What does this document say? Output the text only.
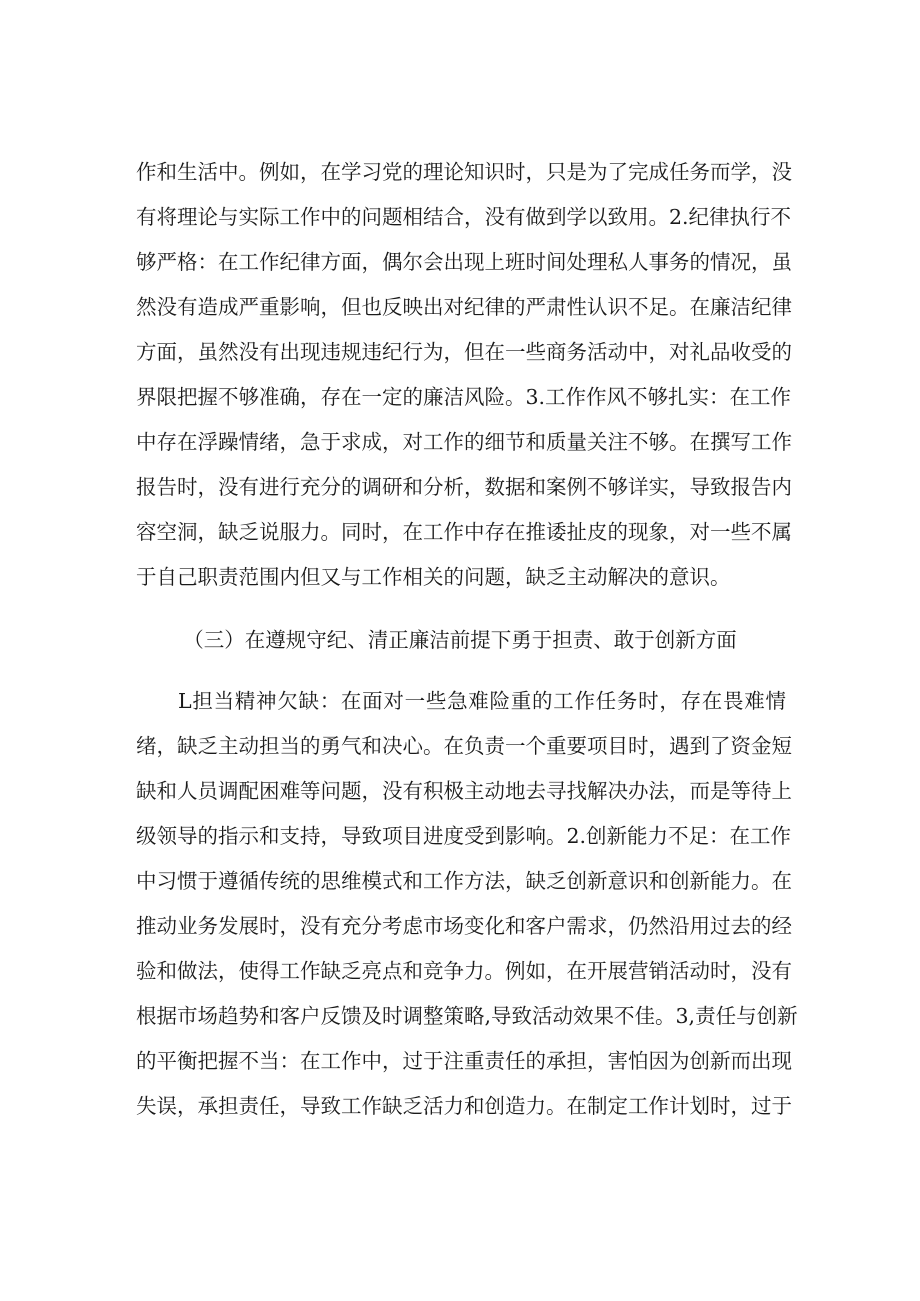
作和生活中。例如，在学习党的理论知识时，只是为了完成任务而学，没
有将理论与实际工作中的问题相结合，没有做到学以致用。2.纪律执行不
够严格：在工作纪律方面，偶尔会出现上班时间处理私人事务的情况，虽
然没有造成严重影响，但也反映出对纪律的严肃性认识不足。在廉洁纪律
方面，虽然没有出现违规违纪行为，但在一些商务活动中，对礼品收受的
界限把握不够准确，存在一定的廉洁风险。3.工作作风不够扎实：在工作
中存在浮躁情绪，急于求成，对工作的细节和质量关注不够。在撰写工作
报告时，没有进行充分的调研和分析，数据和案例不够详实，导致报告内
容空洞，缺乏说服力。同时，在工作中存在推诿扯皮的现象，对一些不属
于自己职责范围内但又与工作相关的问题，缺乏主动解决的意识。
（三）在遵规守纪、清正廉洁前提下勇于担责、敢于创新方面
L担当精神欠缺：在面对一些急难险重的工作任务时，存在畏难情
绪，缺乏主动担当的勇气和决心。在负责一个重要项目时，遇到了资金短
缺和人员调配困难等问题，没有积极主动地去寻找解决办法，而是等待上
级领导的指示和支持，导致项目进度受到影响。2.创新能力不足：在工作
中习惯于遵循传统的思维模式和工作方法，缺乏创新意识和创新能力。在
推动业务发展时，没有充分考虑市场变化和客户需求，仍然沿用过去的经
验和做法，使得工作缺乏亮点和竞争力。例如，在开展营销活动时，没有
根据市场趋势和客户反馈及时调整策略,导致活动效果不佳。3,责任与创新
的平衡把握不当：在工作中，过于注重责任的承担，害怕因为创新而出现
失误，承担责任，导致工作缺乏活力和创造力。在制定工作计划时，过于
